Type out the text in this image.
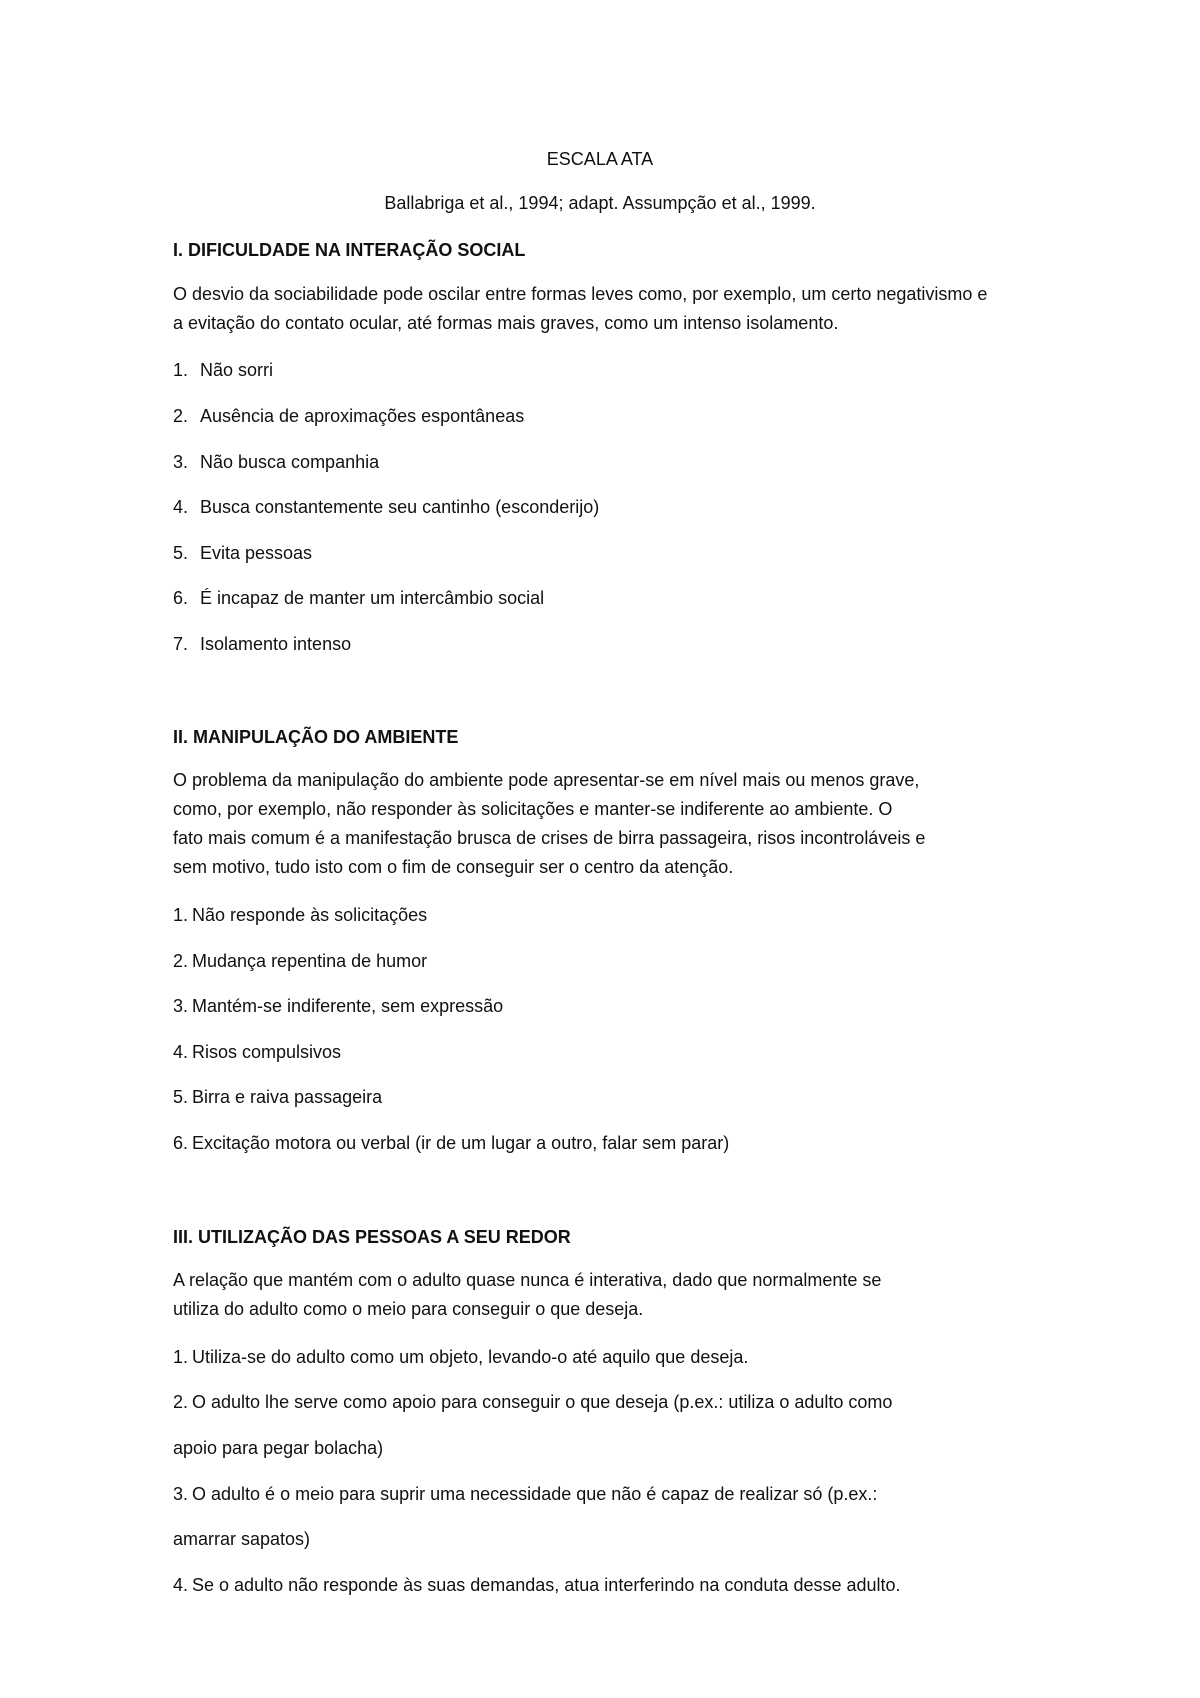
ESCALA ATA
Ballabriga et al., 1994; adapt. Assumpção et al., 1999.
I. DIFICULDADE NA INTERAÇÃO SOCIAL
O desvio da sociabilidade pode oscilar entre formas leves como, por exemplo, um certo negativismo e
a evitação do contato ocular, até formas mais graves, como um intenso isolamento.
1. Não sorri
2. Ausência de aproximações espontâneas
3. Não busca companhia
4. Busca constantemente seu cantinho (esconderijo)
5. Evita pessoas
6. É incapaz de manter um intercâmbio social
7. Isolamento intenso
II. MANIPULAÇÃO DO AMBIENTE
O problema da manipulação do ambiente pode apresentar-se em nível mais ou menos grave,
como, por exemplo, não responder às solicitações e manter-se indiferente ao ambiente. O
fato mais comum é a manifestação brusca de crises de birra passageira, risos incontroláveis e
sem motivo, tudo isto com o fim de conseguir ser o centro da atenção.
1. Não responde às solicitações
2. Mudança repentina de humor
3. Mantém-se indiferente, sem expressão
4. Risos compulsivos
5. Birra e raiva passageira
6. Excitação motora ou verbal (ir de um lugar a outro, falar sem parar)
III. UTILIZAÇÃO DAS PESSOAS A SEU REDOR
A relação que mantém com o adulto quase nunca é interativa, dado que normalmente se
utiliza do adulto como o meio para conseguir o que deseja.
1. Utiliza-se do adulto como um objeto, levando-o até aquilo que deseja.
2. O adulto lhe serve como apoio para conseguir o que deseja (p.ex.: utiliza o adulto como
apoio para pegar bolacha)
3. O adulto é o meio para suprir uma necessidade que não é capaz de realizar só (p.ex.:
amarrar sapatos)
4. Se o adulto não responde às suas demandas, atua interferindo na conduta desse adulto.
